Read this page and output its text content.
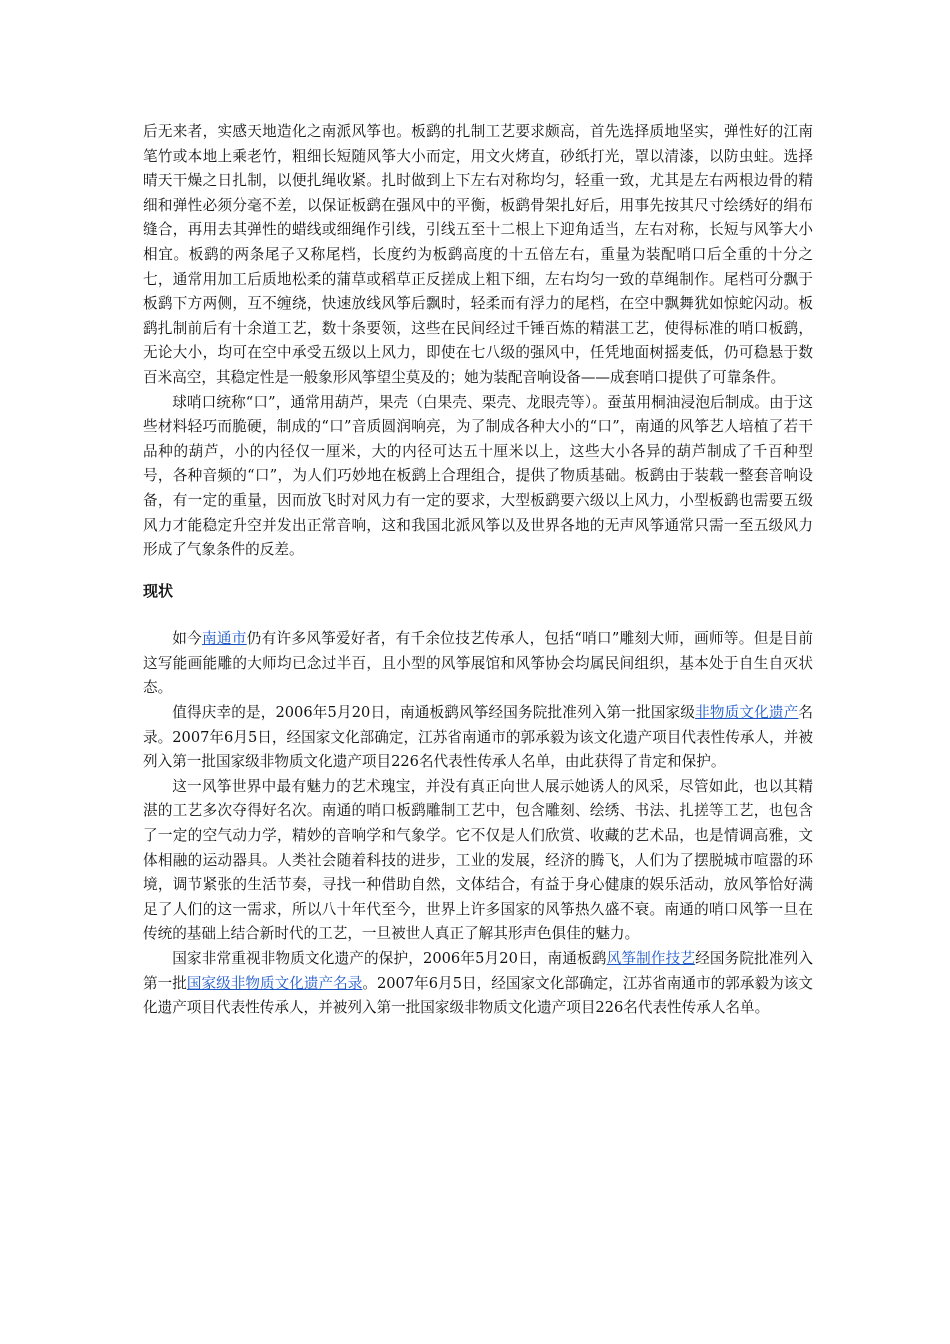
后无来者，实感天地造化之南派风筝也。板鹞的扎制工艺要求颇高，首先选择质地坚实，弹性好的江南笔竹或本地上乘老竹，粗细长短随风筝大小而定，用文火烤直，砂纸打光，罩以清漆，以防虫蛀。选择晴天干燥之日扎制，以便扎绳收紧。扎时做到上下左右对称均匀，轻重一致，尤其是左右两根边骨的精细和弹性必须分毫不差，以保证板鹞在强风中的平衡，板鹞骨架扎好后，用事先按其尺寸绘绣好的绢布缝合，再用去其弹性的蜡线或细绳作引线，引线五至十二根上下迎角适当，左右对称，长短与风筝大小相宜。板鹞的两条尾子又称尾档，长度约为板鹞高度的十五倍左右，重量为装配哨口后全重的十分之七，通常用加工后质地松柔的蒲草或稻草正反搓成上粗下细，左右均匀一致的草绳制作。尾档可分飘于板鹞下方两侧，互不缠绕，快速放线风筝后飘时，轻柔而有浮力的尾档，在空中飘舞犹如惊蛇闪动。板鹞扎制前后有十余道工艺，数十条要领，这些在民间经过千锤百炼的精湛工艺，使得标准的哨口板鹞，无论大小，均可在空中承受五级以上风力，即使在七八级的强风中，任凭地面树摇麦低，仍可稳悬于数百米高空，其稳定性是一般象形风筝望尘莫及的；她为装配音响设备——成套哨口提供了可靠条件。

球哨口统称“口”，通常用葫芦，果壳（白果壳、栗壳、龙眼壳等）。蚕茧用桐油浸泡后制成。由于这些材料轻巧而脆硬，制成的“口”音质圆润响亮，为了制成各种大小的“口”，南通的风筝艺人培植了若干品种的葫芦，小的内径仅一厘米，大的内径可达五十厘米以上，这些大小各异的葫芦制成了千百种型号，各种音频的“口”，为人们巧妙地在板鹞上合理组合，提供了物质基础。板鹞由于装载一整套音响设备，有一定的重量，因而放飞时对风力有一定的要求，大型板鹞要六级以上风力，小型板鹞也需要五级风力才能稳定升空并发出正常音响，这和我国北派风筝以及世界各地的无声风筝通常只需一至五级风力形成了气象条件的反差。

现状

如今南通市仍有许多风筝爱好者，有千余位技艺传承人，包括“哨口”雕刻大师，画师等。但是目前这写能画能雕的大师均已念过半百，且小型的风筝展馆和风筝协会均属民间组织，基本处于自生自灭状态。

值得庆幸的是，2006年5月20日，南通板鹞风筝经国务院批准列入第一批国家级非物质文化遗产名录。2007年6月5日，经国家文化部确定，江苏省南通市的郭承毅为该文化遗产项目代表性传承人，并被列入第一批国家级非物质文化遗产项目226名代表性传承人名单，由此获得了肯定和保护。

这一风筝世界中最有魅力的艺术瑰宝，并没有真正向世人展示她诱人的风采，尽管如此，也以其精湛的工艺多次夺得好名次。南通的哨口板鹞雕制工艺中，包含雕刻、绘绣、书法、扎搓等工艺，也包含了一定的空气动力学，精妙的音响学和气象学。它不仅是人们欣赏、收藏的艺术品，也是情调高雅，文体相融的运动器具。人类社会随着科技的进步，工业的发展，经济的腾飞，人们为了摆脱城市喧嚣的环境，调节紧张的生活节奏，寻找一种借助自然，文体结合，有益于身心健康的娱乐活动，放风筝恰好满足了人们的这一需求，所以八十年代至今，世界上许多国家的风筝热久盛不衰。南通的哨口风筝一旦在传统的基础上结合新时代的工艺，一旦被世人真正了解其形声色俱佳的魅力。

国家非常重视非物质文化遗产的保护，2006年5月20日，南通板鹞风筝制作技艺经国务院批准列入第一批国家级非物质文化遗产名录。2007年6月5日，经国家文化部确定，江苏省南通市的郭承毅为该文化遗产项目代表性传承人，并被列入第一批国家级非物质文化遗产项目226名代表性传承人名单。
